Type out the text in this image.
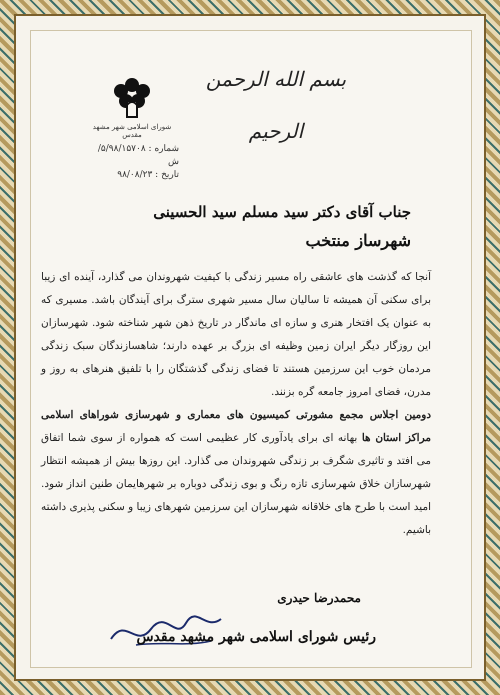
بسم الله الرحمن الرحیم
شورای اسلامی شهر مشهد مقدس
شماره : ۵/۹۸/۱۵۷۰۸/ش
تاریخ : ۹۸/۰۸/۲۳
جناب آقای دکتر سید مسلم سید الحسینی
شهرساز منتخب

آنجا که گذشت های عاشقی راه مسیر زندگی با کیفیت شهروندان می گذارد، آینده ای زیبا برای سکنی آن همیشه تا سالیان سال مسیر شهری سترگ برای آیندگان باشد. مسیری که به عنوان یک افتخار هنری و سازه ای ماندگار در تاریخ ذهن شهر شناخته شود. شهرسازان این روزگار دیگر ایران زمین وظیفه ای بزرگ بر عهده دارند؛ شاهسازندگان سبک زندگی مردمان خوب این سرزمین هستند تا فضای زندگی گذشتگان را با تلفیق هنرهای به روز و مدرن، فضای امروز جامعه گره بزنند.

دومین اجلاس مجمع مشورتی کمیسیون های معماری و شهرسازی شوراهای اسلامی مراکز استان ها بهانه ای برای یادآوری کار عظیمی است که همواره از سوی شما اتفاق می افتد و تاثیری شگرف بر زندگی شهروندان می گذارد. این روزها بیش از همیشه انتظار شهرسازان خلاق شهرسازی تازه رنگ و بوی زندگی دوباره بر شهرهایمان طنین انداز شود. امید است با طرح های خلاقانه شهرسازان این سرزمین شهرهای زیبا و سکنی پذیری داشته باشیم.

محمدرضا حیدری
رئیس شورای اسلامی شهر مشهد مقدس
